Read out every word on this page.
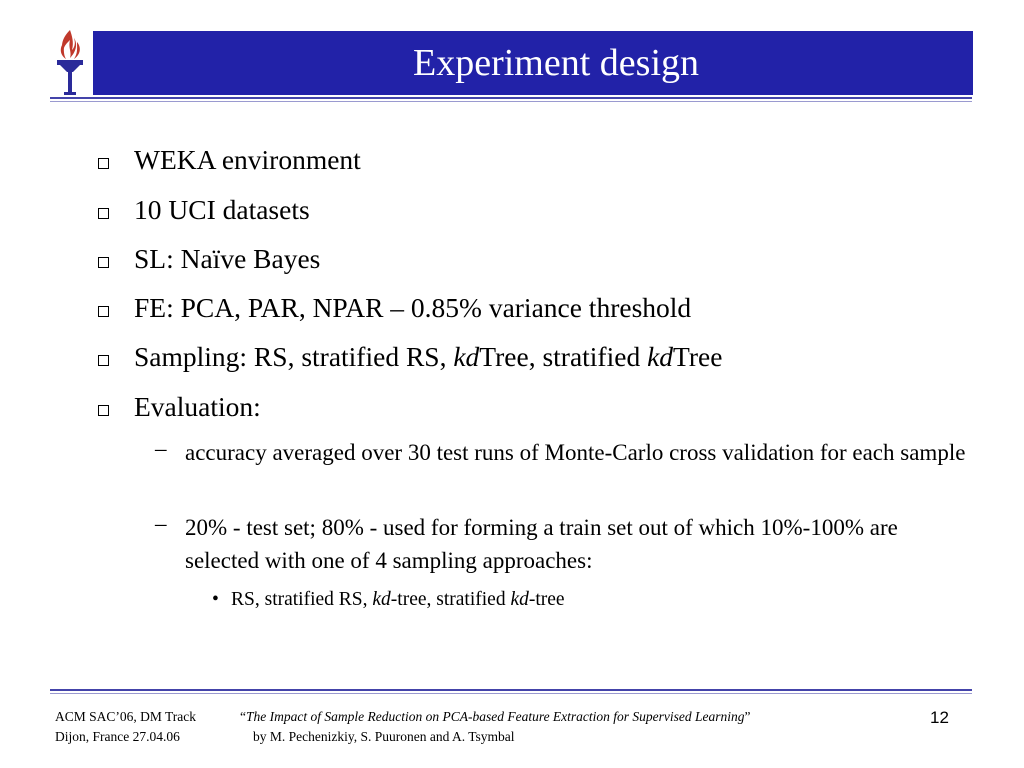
Experiment design
WEKA environment
10 UCI datasets
SL: Naïve Bayes
FE: PCA, PAR, NPAR – 0.85% variance threshold
Sampling: RS, stratified RS, kdTree, stratified kdTree
Evaluation:
– accuracy averaged over 30 test runs of Monte-Carlo cross validation for each sample
– 20% - test set; 80% - used for forming a train set out of which 10%-100% are selected with one of 4 sampling approaches:
• RS, stratified RS, kd-tree, stratified kd-tree
ACM SAC’06, DM Track
Dijon, France 27.04.06
“The Impact of Sample Reduction on PCA-based Feature Extraction for Supervised Learning”
by M. Pechenizkiy, S. Puuronen and A. Tsymbal
12
